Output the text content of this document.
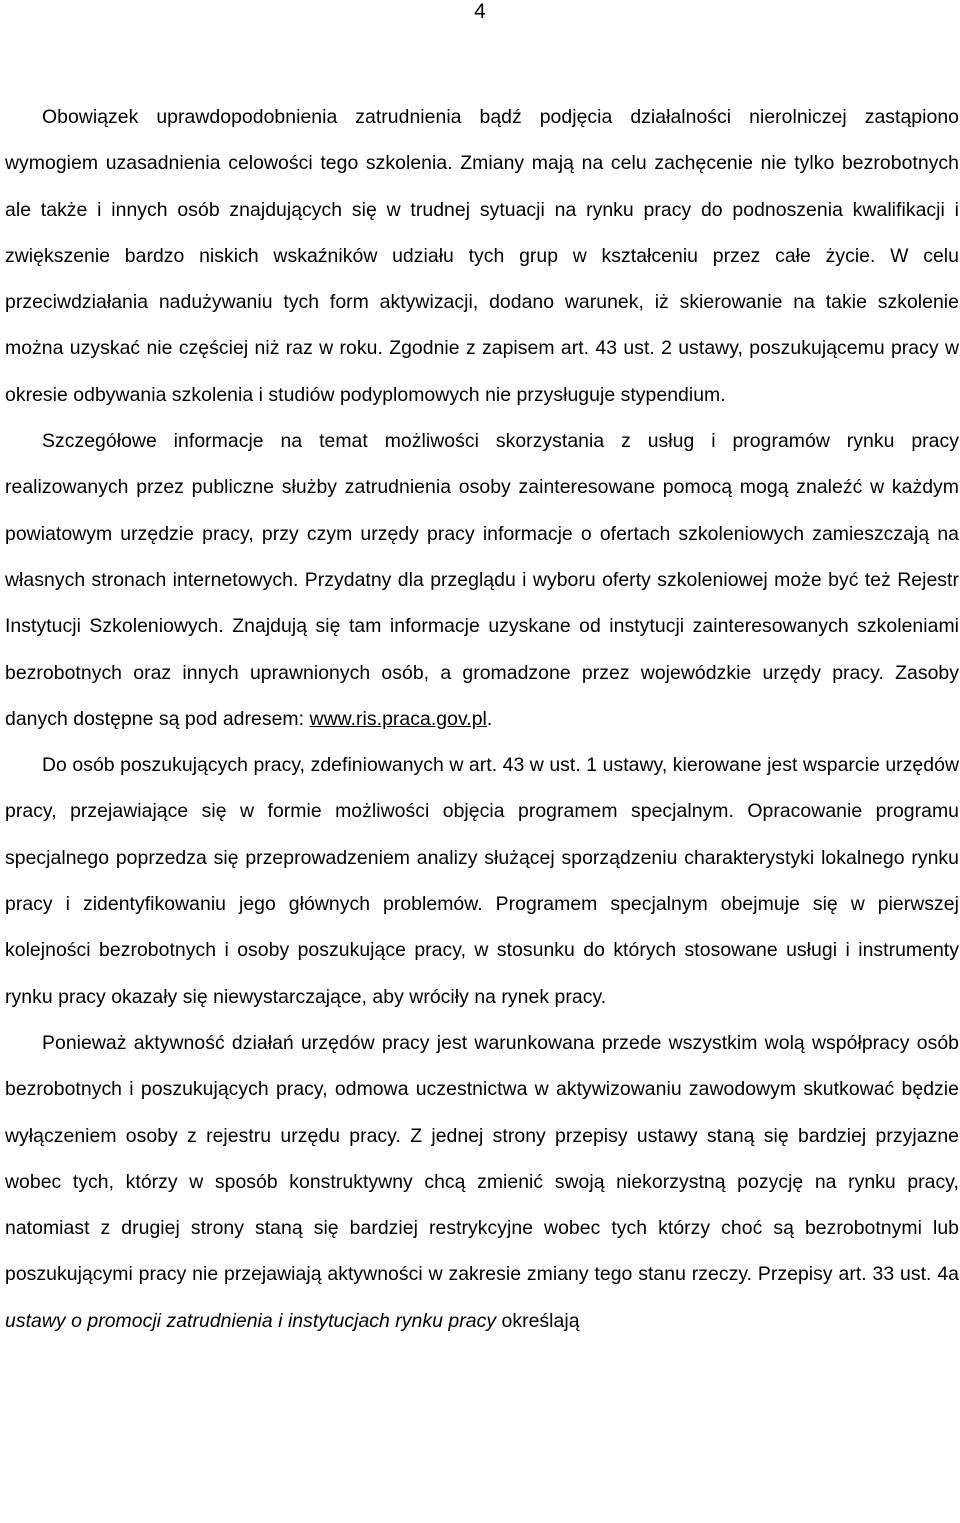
4

Obowiązek uprawdopodobnienia zatrudnienia bądź podjęcia działalności nierolniczej zastąpiono wymogiem uzasadnienia celowości tego szkolenia. Zmiany mają na celu zachęcenie nie tylko bezrobotnych ale także i innych osób znajdujących się w trudnej sytuacji na rynku pracy do podnoszenia kwalifikacji i zwiększenie bardzo niskich wskaźników udziału tych grup w kształceniu przez całe życie. W celu przeciwdziałania nadużywaniu tych form aktywizacji, dodano warunek, iż skierowanie na takie szkolenie można uzyskać nie częściej niż raz w roku. Zgodnie z zapisem art. 43 ust. 2 ustawy, poszukującemu pracy w okresie odbywania szkolenia i studiów podyplomowych nie przysługuje stypendium.

Szczegółowe informacje na temat możliwości skorzystania z usług i programów rynku pracy realizowanych przez publiczne służby zatrudnienia osoby zainteresowane pomocą mogą znaleźć w każdym powiatowym urzędzie pracy, przy czym urzędy pracy informacje o ofertach szkoleniowych zamieszczają na własnych stronach internetowych. Przydatny dla przeglądu i wyboru oferty szkoleniowej może być też Rejestr Instytucji Szkoleniowych. Znajdują się tam informacje uzyskane od instytucji zainteresowanych szkoleniami bezrobotnych oraz innych uprawnionych osób, a gromadzone przez wojewódzkie urzędy pracy. Zasoby danych dostępne są pod adresem: www.ris.praca.gov.pl.

Do osób poszukujących pracy, zdefiniowanych w art. 43 w ust. 1 ustawy, kierowane jest wsparcie urzędów pracy, przejawiające się w formie możliwości objęcia programem specjalnym. Opracowanie programu specjalnego poprzedza się przeprowadzeniem analizy służącej sporządzeniu charakterystyki lokalnego rynku pracy i zidentyfikowaniu jego głównych problemów. Programem specjalnym obejmuje się w pierwszej kolejności bezrobotnych i osoby poszukujące pracy, w stosunku do których stosowane usługi i instrumenty rynku pracy okazały się niewystarczające, aby wróciły na rynek pracy.

Ponieważ aktywność działań urzędów pracy jest warunkowana przede wszystkim wolą współpracy osób bezrobotnych i poszukujących pracy, odmowa uczestnictwa w aktywizowaniu zawodowym skutkować będzie wyłączeniem osoby z rejestru urzędu pracy. Z jednej strony przepisy ustawy staną się bardziej przyjazne wobec tych, którzy w sposób konstruktywny chcą zmienić swoją niekorzystną pozycję na rynku pracy, natomiast z drugiej strony staną się bardziej restrykcyjne wobec tych którzy choć są bezrobotnymi lub poszukującymi pracy nie przejawiają aktywności w zakresie zmiany tego stanu rzeczy. Przepisy art. 33 ust. 4a ustawy o promocji zatrudnienia i instytucjach rynku pracy określają
